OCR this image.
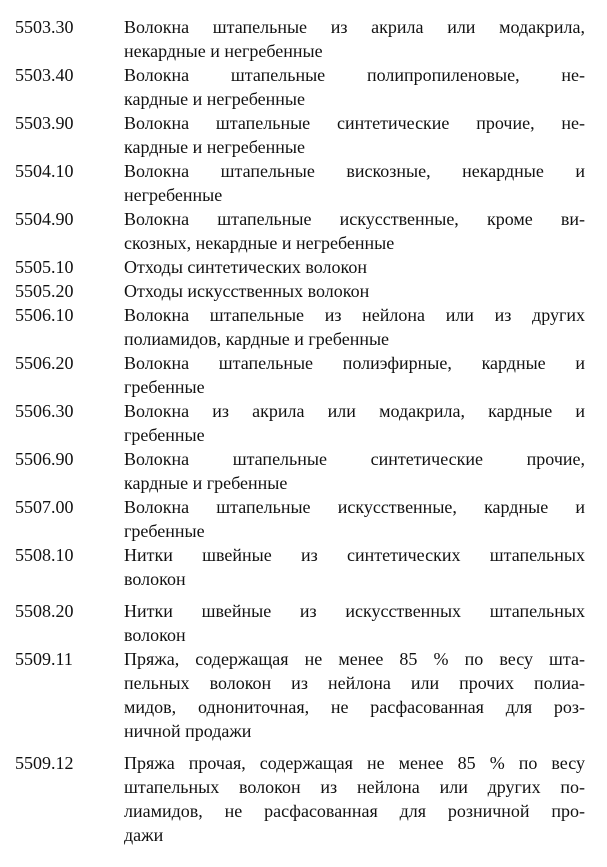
5503.30	Волокна штапельные из акрила или модакрила,
некардные и негребенные
5503.40	Волокна штапельные полипропиленовые, не-
кардные и негребенные
5503.90	Волокна штапельные синтетические прочие, не-
кардные и негребенные
5504.10	Волокна штапельные вискозные, некардные и
негребенные
5504.90	Волокна штапельные искусственные, кроме ви-
скозных, некардные и негребенные
5505.10	Отходы синтетических волокон
5505.20	Отходы искусственных волокон
5506.10	Волокна штапельные из нейлона или из других
полиамидов, кардные и гребенные
5506.20	Волокна штапельные полиэфирные, кардные и
гребенные
5506.30	Волокна из акрила или модакрила, кардные и
гребенные
5506.90	Волокна штапельные синтетические прочие,
кардные и гребенные
5507.00	Волокна штапельные искусственные, кардные и
гребенные
5508.10	Нитки швейные из синтетических штапельных
волокон
5508.20	Нитки швейные из искусственных штапельных
волокон
5509.11	Пряжа, содержащая не менее 85 % по весу шта-
пельных волокон из нейлона или прочих полиа-
мидов, однониточная, не расфасованная для роз-
ничной продажи
5509.12	Пряжа прочая, содержащая не менее 85 % по весу
штапельных волокон из нейлона или других по-
лиамидов, не расфасованная для розничной про-
дажи
